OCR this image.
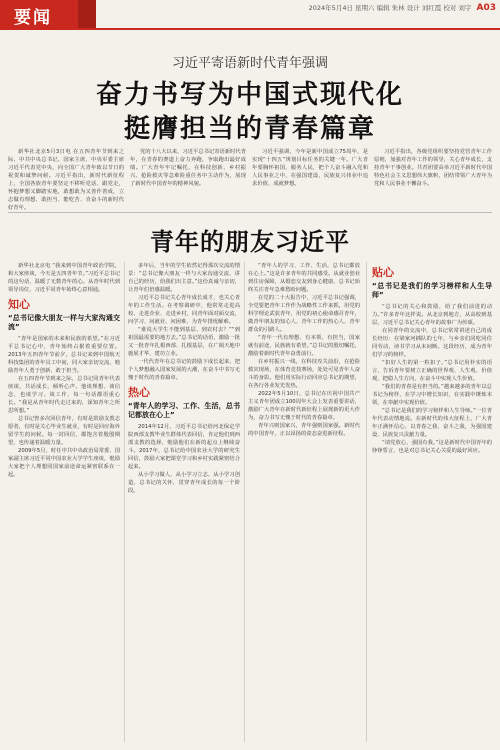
要闻	2024年5月4日 星期六 编辑 朱林 设计 刘红霞 校对 刘宇 A03
习近平寄语新时代青年强调
奋力书写为中国式现代化
挺膺担当的青春篇章

新华社北京5月3日电 在五四青年节到来之际，中共中央总书记、国家主席、中央军委主席习近平代表党中央，向全国广大青年致以节日的祝贺和诚挚问候。习近平指出，新时代新征程上，全国各族青年要坚定不移听党话、跟党走，怀抱梦想又脚踏实地，敢想敢为又善作善成，立志做有理想、敢担当、能吃苦、肯奋斗的新时代好青年。

党的十八大以来，习近平总书记寄语新时代青年，在青春的赛道上奋力奔跑，争取跑出最好成绩。广大青年牢记嘱托，在科技创新、乡村振兴、抢险救灾等急难险重任务中主动作为，展现了新时代中国青年的精神风貌。

习近平强调，今年是新中国成立75周年，是实现“十四五”规划目标任务的关键一年。广大青年要胸怀祖国、服务人民，把个人奋斗融入党和人民事业之中，在强国建设、民族复兴伟业中追求价值、成就梦想。

习近平指出，各级党组织要坚持党管青年工作原则，加强对青年工作的领导，关心青年成长，支持青年干事创业。共青团要高举习近平新时代中国特色社会主义思想伟大旗帜，团结带领广大青年为党和人民事业不懈奋斗。

青年的朋友习近平

新华社北京电 “我来到中国青年政治学院，和大家座谈，今天是五四青年节。”习近平总书记的这句话，温暖了无数青年的心。从青年时代到领导岗位，习近平同青年始终心意相通。

知心
“总书记像大朋友一样与大家沟通交流”

“青年是国家的未来和民族的希望。”在习近平总书记心中，青年始终占据着重要位置。2013年五四青年节前夕，总书记来到中国航天科技集团的青年员工中间，同大家亲切交流，勉励青年人勇于创新、敢于担当。

在五四青年节到来之际，总书记同青年代表座谈，共话成长、倾听心声。他谈理想、谈信念，也谈学习、谈工作，每一句话都语重心长。“我是从青年时代走过来的，深知青年之所思所想。”

总书记曾多次回信青年，有时是鼓励支教志愿者，有时是关心毕业生就业，有时是回应海外留学生的问候。每一封回信，都饱含着殷殷期望，也传递着温暖力量。

2009年5月，时任中共中央政治局常委、国家副主席习近平同中国农业大学学生座谈，勉励大家把个人理想同国家前途命运紧密联系在一起。

多年后，当年的学生依然记得那次交流的情景：“总书记像大朋友一样与大家沟通交流，讲自己的经历，给我们出主意。”这份真诚与亲切，让青年们倍感温暖。

习近平总书记关心青年成长成才，也关心青年的工作生活。在考察调研中，他常常走进高校、走进企业、走进乡村，同青年面对面交流，问学习、问就业、问困难，为青年排忧解难。

“谁说大学生不能到基层、到农村去？”“到祖国最需要的地方去。”总书记的话语，激励一批又一批青年扎根西部、扎根基层，在广阔天地中施展才华、建功立业。

一代代青年在总书记的鼓励下成长起来，把个人梦想融入国家发展的大潮，在奋斗中书写无愧于时代的青春篇章。

热心
“青年人的学习、工作、生活，总书记都放在心上”

2014年12月，习近平总书记给河北保定学院西部支教毕业生群体代表回信，肯定他们到西部支教的选择，勉励他们在新的起点上继续奋斗。2017年，总书记给中国农业大学的研究生回信，鼓励大家把课堂学习和乡村实践紧密结合起来。

从小学习做人、从小学习立志、从小学习创造，总书记的关怀，贯穿青年成长的每一个阶段。

“青年人的学习、工作、生活，总书记都放在心上。”这是许多青年的共同感受。从就业创业到住房保障，从婚恋交友到身心健康，总书记始终关注青年急难愁盼问题。

在党的二十大报告中，习近平总书记强调，全党要把青年工作作为战略性工作来抓，用党的科学理论武装青年，用党的初心使命感召青年，做青年朋友的知心人、青年工作的热心人、青年群众的引路人。

“青年一代有理想、有本领、有担当，国家就有前途，民族就有希望。”总书记的殷切嘱托，激励着新时代青年奋勇前行。

在乡村振兴一线，在科技攻关前沿，在抢险救灾现场，在体育竞技赛场，处处可见青年人奋斗的身影。他们用实际行动回应总书记的期望，在各行各业发光发热。

2022年5月10日，总书记在庆祝中国共产主义青年团成立100周年大会上发表重要讲话，激励广大青年在新时代新征程上展现新的更大作为，奋力书写无愧于时代的青春篇章。

青年兴则国家兴，青年强则国家强。新时代的中国青年，正以昂扬的姿态奋进新征程。

贴心
“总书记是我们的学习榜样和人生导师”

“总书记的关心和鼓励，给了我们前进的动力。”许多青年这样说。从北京到地方，从高校到基层，习近平总书记关心青年的故事广为传颂。

在同青年的交流中，总书记常常讲述自己的成长经历：在梁家河插队的七年，与乡亲们同吃同住同劳动，读书学习从未间断。这段经历，成为青年们学习的榜样。

“扣好人生的第一粒扣子。”总书记用朴实的语言，告诉青年要树立正确的世界观、人生观、价值观，把稳人生方向，在奋斗中实现人生价值。

“我们的青春是有担当的。”越来越多的青年以总书记为榜样，在学习中增长知识，在实践中锤炼本领，在奉献中实现价值。

“总书记是我们的学习榜样和人生导师。”一位青年代表动情地说。在新时代的伟大征程上，广大青年正满怀信心，以青春之我、奋斗之我，为强国建设、民族复兴贡献力量。

“请党放心，强国有我。”这是新时代中国青年的铮铮誓言，也是对总书记关心关爱的最好回应。
